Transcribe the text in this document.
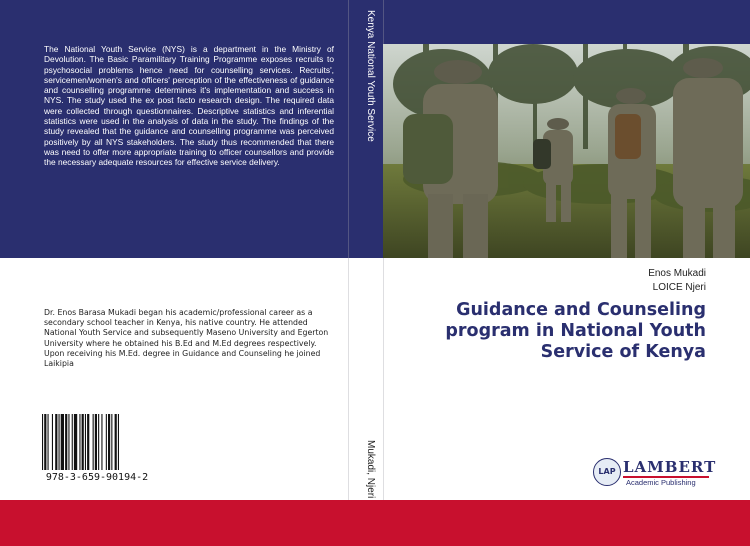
The National Youth Service (NYS) is a department in the Ministry of Devolution. The Basic Paramilitary Training Programme exposes recruits to psychosocial problems hence need for counselling services. Recruits', servicemen/women's and officers' perception of the effectiveness of guidance and counselling programme determines it's implementation and success in NYS. The study used the ex post facto research design. The required data were collected through questionnaires. Descriptive statistics and inferential statistics were used in the analysis of data in the study. The findings of the study revealed that the guidance and counselling programme was perceived positively by all NYS stakeholders. The study thus recommended that there was need to offer more appropriate training to officer counsellors and provide the necessary adequate resources for effective service delivery.
Dr. Enos Barasa Mukadi began his academic/professional career as a secondary school teacher in Kenya, his native country. He attended National Youth Service and subsequently Maseno University and Egerton University where he obtained his B.Ed and M.Ed degrees respectively. Upon receiving his M.Ed. degree in Guidance and Counseling he joined Laikipia
978-3-659-90194-2
Kenya National Youth Service
Mukadi, Njeri
Enos Mukadi
LOICE Njeri
Guidance and Counseling program in National Youth Service of Kenya
LAP LAMBERT
Academic Publishing
